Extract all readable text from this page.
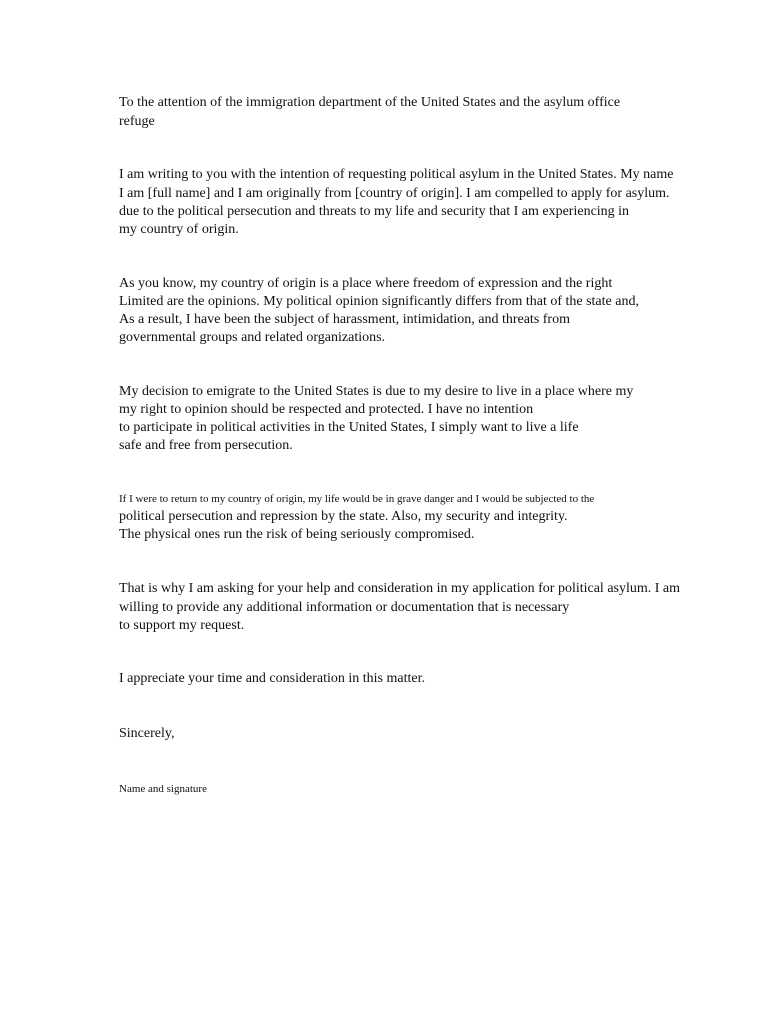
To the attention of the immigration department of the United States and the asylum office
refuge
I am writing to you with the intention of requesting political asylum in the United States. My name
I am [full name] and I am originally from [country of origin]. I am compelled to apply for asylum.
due to the political persecution and threats to my life and security that I am experiencing in
my country of origin.
As you know, my country of origin is a place where freedom of expression and the right
Limited are the opinions. My political opinion significantly differs from that of the state and,
As a result, I have been the subject of harassment, intimidation, and threats from
governmental groups and related organizations.
My decision to emigrate to the United States is due to my desire to live in a place where my
my right to opinion should be respected and protected. I have no intention
to participate in political activities in the United States, I simply want to live a life
safe and free from persecution.
If I were to return to my country of origin, my life would be in grave danger and I would be subjected to the
political persecution and repression by the state. Also, my security and integrity.
The physical ones run the risk of being seriously compromised.
That is why I am asking for your help and consideration in my application for political asylum. I am
willing to provide any additional information or documentation that is necessary
to support my request.
I appreciate your time and consideration in this matter.
Sincerely,
Name and signature
